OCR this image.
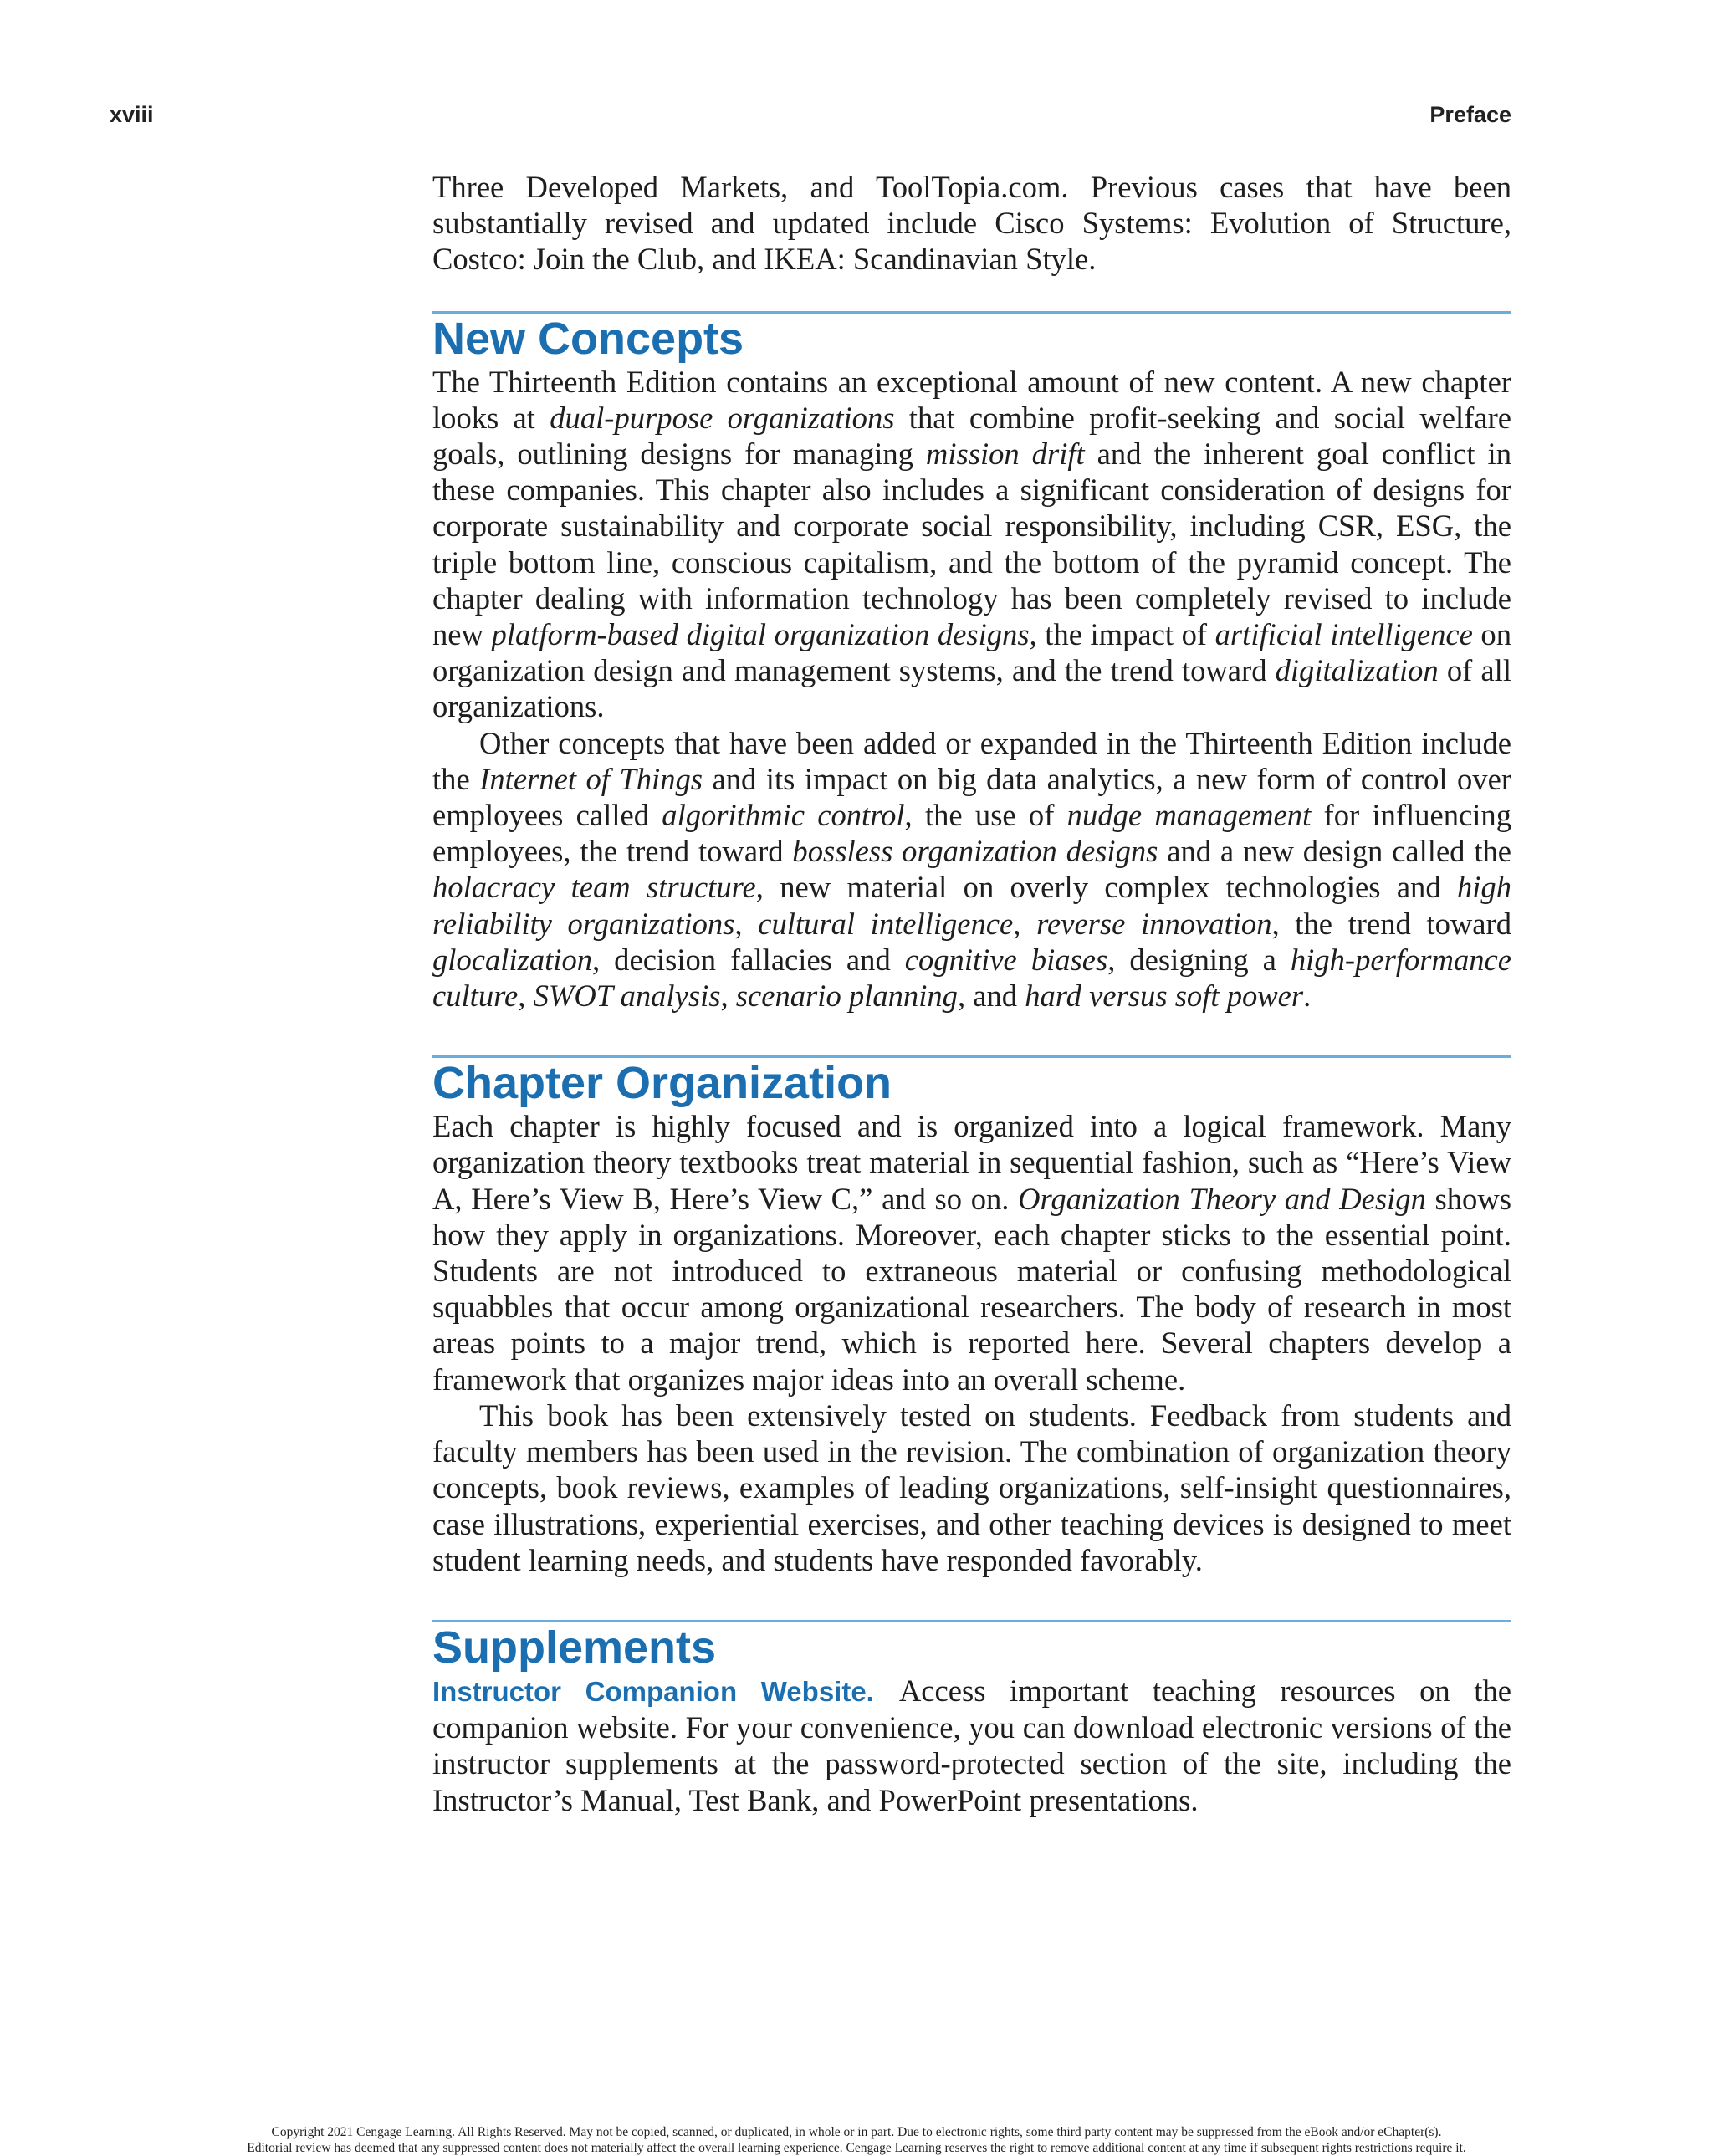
xviii	Preface

Three Developed Markets, and ToolTopia.com. Previous cases that have been substantially revised and updated include Cisco Systems: Evolution of Structure, Costco: Join the Club, and IKEA: Scandinavian Style.

New Concepts

The Thirteenth Edition contains an exceptional amount of new content. A new chapter looks at dual-purpose organizations that combine profit-seeking and social welfare goals, outlining designs for managing mission drift and the inherent goal conflict in these companies. This chapter also includes a significant consideration of designs for corporate sustainability and corporate social responsibility, including CSR, ESG, the triple bottom line, conscious capitalism, and the bottom of the pyramid concept. The chapter dealing with information technology has been completely revised to include new platform-based digital organization designs, the impact of artificial intelligence on organization design and management systems, and the trend toward digitalization of all organizations.

Other concepts that have been added or expanded in the Thirteenth Edition include the Internet of Things and its impact on big data analytics, a new form of control over employees called algorithmic control, the use of nudge management for influencing employees, the trend toward bossless organization designs and a new design called the holacracy team structure, new material on overly complex technologies and high reliability organizations, cultural intelligence, reverse innovation, the trend toward glocalization, decision fallacies and cognitive biases, designing a high-performance culture, SWOT analysis, scenario planning, and hard versus soft power.

Chapter Organization

Each chapter is highly focused and is organized into a logical framework. Many organization theory textbooks treat material in sequential fashion, such as “Here’s View A, Here’s View B, Here’s View C,” and so on. Organization Theory and Design shows how they apply in organizations. Moreover, each chapter sticks to the essential point. Students are not introduced to extraneous material or confusing methodological squabbles that occur among organizational researchers. The body of research in most areas points to a major trend, which is reported here. Several chapters develop a framework that organizes major ideas into an overall scheme.

This book has been extensively tested on students. Feedback from students and faculty members has been used in the revision. The combination of organization theory concepts, book reviews, examples of leading organizations, self-insight questionnaires, case illustrations, experiential exercises, and other teaching devices is designed to meet student learning needs, and students have responded favorably.

Supplements

Instructor Companion Website. Access important teaching resources on the companion website. For your convenience, you can download electronic versions of the instructor supplements at the password-protected section of the site, including the Instructor’s Manual, Test Bank, and PowerPoint presentations.

Copyright 2021 Cengage Learning. All Rights Reserved. May not be copied, scanned, or duplicated, in whole or in part. Due to electronic rights, some third party content may be suppressed from the eBook and/or eChapter(s).
Editorial review has deemed that any suppressed content does not materially affect the overall learning experience. Cengage Learning reserves the right to remove additional content at any time if subsequent rights restrictions require it.
